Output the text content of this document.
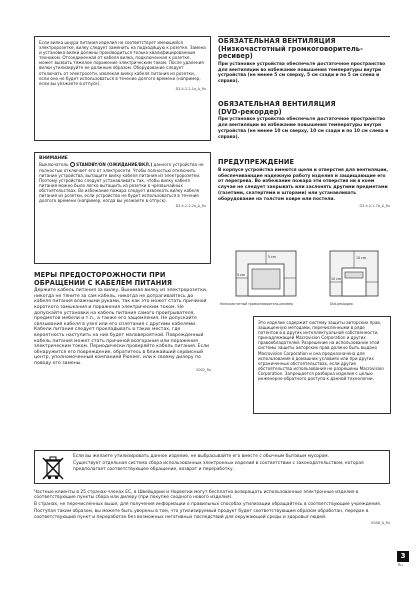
Если вилка шнура питания изделия не соответствует имеющейся электророзетке, вилку следует заменить на подходящую к розетке. Замена и установка вилки должны производиться только квалифицированным техником. Отсоединенная от кабеля вилка, подключенная к розетке, может вызвать тяжелое поражение электрическим током. После удаления вилки утилизируйте ее должным образом. Оборудование следует отключать от электросети, извлекая вилку кабеля питания из розетки, если оно не будет использоваться в течение долгого времени (например, если вы уезжаете в отпуск).
D3-4-2-2-1a_A_Ru
ВНИМАНИЕ
Выключатель STANDBY/ON (ОЖИДАНИЕ/ВКЛ.) данного устройства не полностью отключает его от электросети. Чтобы полностью отключить питание устройства, вытащите вилку кабеля питания из электророзетки. Поэтому устройство следует устанавливать так, чтобы вилку кабеля питания можно было легко вытащить из розетки в чрезвычайных обстоятельствах. Во избежание пожара следует извлекать вилку кабеля питания из розетки, если устройство не будет использоваться в течение долгого времени (например, когда вы уезжаете в отпуск).
D3-4-2-2-2a_A_Ru
МЕРЫ ПРЕДОСТОРОЖНОСТИ ПРИ
ОБРАЩЕНИИ С КАБЕЛЕМ ПИТАНИЯ
Держите кабель питания за вилку. Вынимая вилку из электророзетки, никогда не тяните за сам кабель, никогда не дотрагивайтесь до кабеля питания влажными руками, так как это может стать причиной короткого замыкания и поражения электрическим током. Не допускайте установки на кабель питания самого проигрывателя, предметов мебели и т.п., а также его защемления. Не допускайте связывания кабеля в узел или его сплетания с другими кабелями. Кабели питания следует прокладывать в таких местах, где вероятность наступить на них будет маловероятной. Поврежденный кабель питания может стать причиной возгорания или поражения электрическим током. Периодически проверяйте кабель питания. Если обнаружится его повреждение, обратитесь в ближайший сервисный центр, уполномоченный компанией Pioneer, или к своему дилеру по поводу его замены.
S002_Ru
ОБЯЗАТЕЛЬНАЯ ВЕНТИЛЯЦИЯ
(Низкочастотный громкоговоритель-
ресивер)
При установке устройства обеспечьте достаточное пространство для вентиляции во избежание повышения температуры внутри устройства (не менее 5 см сверху, 5 см сзади и по 5 см слева и справа).
ОБЯЗАТЕЛЬНАЯ ВЕНТИЛЯЦИЯ
(DVD-рекордер)
При установке устройства обеспечьте достаточное пространство для вентиляции во избежание повышения температуры внутри устройства (не менее 10 см сверху, 10 см сзади и по 10 см слева и справа).
ПРЕДУПРЕЖДЕНИЕ
В корпусе устройства имеются щели и отверстия для вентиляции, обеспечивающие надежную работу изделия и защищающие его от перегрева. Во избежание пожара эти отверстия ни в коем случае не следует закрывать или заслонять другими предметами (газетами, скатертями и шторами) или устанавливать оборудование на толстом ковре или постели.
D3-4-2-1-7b_A_Ru
5 cm
5 cm
10 cm
10 cm
Низкочастотный громкоговоритель-ресивер	Dvd-рекордер
Это изделие содержит систему защиты авторских прав, защищенную методами, перечисленными в ряде патентов в в других интеллектуальной собственности, принадлежащей Macrovision Corporation и других правообладателей. Разрешение на использование этой системы защиты авторских прав должно быть выдано Macrovision Corporation и она предназначена для использования в домашних условиях или при других ограниченных обстоятельствах, если другие обстоятельства использования не разрешены Macrovision Corporation. Запрещается разборка изделия с целью инженерно-обратного доступа к данной технологии.
Если вы желаете утилизировать данное изделие, не выбрасывайте его вместе с обычным бытовым мусором.
Существует отдельная система сбора использованных электронных изделий в соответствии с законодательством, которая предполагает соответствующее обращение, возврат и переработку.
Частные клиенты в 25 странах-членах ЕС, в Швейцарии и Норвегии могут бесплатно возвращать использованные электронные изделия в соответствующие пункты сбора или дилеру (при покупке сходного нового изделия).
В странах, не перечисленных выше, для получения информации о правильных способах утилизации обращайтесь в соответствующие учреждения.
Поступая таким образом, вы можете быть уверены в том, что утилизируемый продукт будет соответствующим образом обработан, передан в соответствующий пункт и переработан без возможных негативных последствий для окружающей среды и здоровья людей.
K058_A_Ru
3
Ru
